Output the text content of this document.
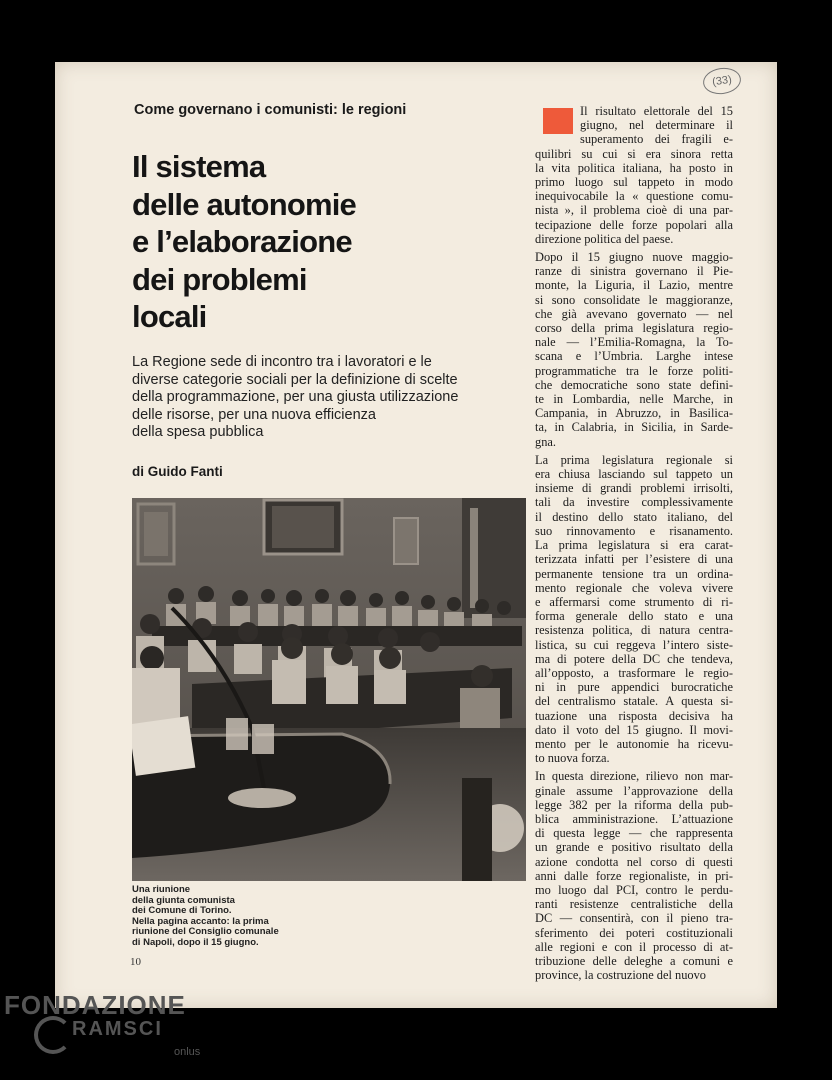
(33)
Come governano i comunisti: le regioni
Il sistema
delle autonomie
e l’elaborazione
dei problemi
locali
La Regione sede di incontro tra i lavoratori e le
diverse categorie sociali per la definizione di scelte
della programmazione, per una giusta utilizzazione
delle risorse, per una nuova efficienza
della spesa pubblica
di Guido Fanti
Una riunione
della giunta comunista
dei Comune di Torino.
Nella pagina accanto: la prima
riunione del Consiglio comunale
di Napoli, dopo il 15 giugno.
10
Il risultato elettorale del 15
giugno, nel determinare il
superamento dei fragili e-
quilibri su cui si era sinora retta
la vita politica italiana, ha posto in
primo luogo sul tappeto in modo
inequivocabile la « questione comu-
nista », il problema cioè di una par-
tecipazione delle forze popolari alla
direzione politica del paese.
Dopo il 15 giugno nuove maggio-
ranze di sinistra governano il Pie-
monte, la Liguria, il Lazio, mentre
si sono consolidate le maggioranze,
che già avevano governato — nel
corso della prima legislatura regio-
nale — l’Emilia-Romagna, la To-
scana e l’Umbria. Larghe intese
programmatiche tra le forze politi-
che democratiche sono state defini-
te in Lombardia, nelle Marche, in
Campania, in Abruzzo, in Basilica-
ta, in Calabria, in Sicilia, in Sarde-
gna.
La prima legislatura regionale si
era chiusa lasciando sul tappeto un
insieme di grandi problemi irrisolti,
tali da investire complessivamente
il destino dello stato italiano, del
suo rinnovamento e risanamento.
La prima legislatura si era carat-
terizzata infatti per l’esistere di una
permanente tensione tra un ordina-
mento regionale che voleva vivere
e affermarsi come strumento di ri-
forma generale dello stato e una
resistenza politica, di natura centra-
listica, su cui reggeva l’intero siste-
ma di potere della DC che tendeva,
all’opposto, a trasformare le regio-
ni in pure appendici burocratiche
del centralismo statale. A questa si-
tuazione una risposta decisiva ha
dato il voto del 15 giugno. Il movi-
mento per le autonomie ha ricevu-
to nuova forza.
In questa direzione, rilievo non mar-
ginale assume l’approvazione della
legge 382 per la riforma della pub-
blica amministrazione. L’attuazione
di questa legge — che rappresenta
un grande e positivo risultato della
azione condotta nel corso di questi
anni dalle forze regionaliste, in pri-
mo luogo dal PCI, contro le perdu-
ranti resistenze centralistiche della
DC — consentirà, con il pieno tra-
sferimento dei poteri costituzionali
alle regioni e con il processo di at-
tribuzione delle deleghe a comuni e
province, la costruzione del nuovo
FONDAZIONE
RAMSCI
onlus
